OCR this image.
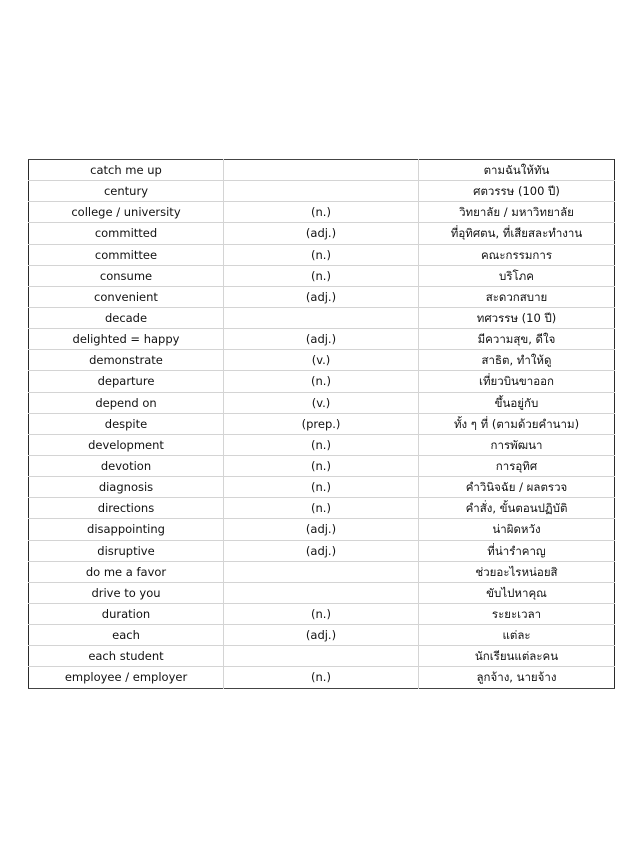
catch me up		ตามฉันให้ทัน
century		ศตวรรษ (100 ปี)
college / university	(n.)	วิทยาลัย / มหาวิทยาลัย
committed	(adj.)	ที่อุทิศตน, ที่เสียสละทำงาน
committee	(n.)	คณะกรรมการ
consume	(n.)	บริโภค
convenient	(adj.)	สะดวกสบาย
decade		ทศวรรษ (10 ปี)
delighted = happy	(adj.)	มีความสุข, ดีใจ
demonstrate	(v.)	สาธิต, ทำให้ดู
departure	(n.)	เที่ยวบินขาออก
depend on	(v.)	ขึ้นอยู่กับ
despite	(prep.)	ทั้ง ๆ ที่ (ตามด้วยคำนาม)
development	(n.)	การพัฒนา
devotion	(n.)	การอุทิศ
diagnosis	(n.)	คำวินิจฉัย / ผลตรวจ
directions	(n.)	คำสั่ง, ขั้นตอนปฏิบัติ
disappointing	(adj.)	น่าผิดหวัง
disruptive	(adj.)	ที่น่ารำคาญ
do me a favor		ช่วยอะไรหน่อยสิ
drive to you		ขับไปหาคุณ
duration	(n.)	ระยะเวลา
each	(adj.)	แต่ละ
each student		นักเรียนแต่ละคน
employee / employer	(n.)	ลูกจ้าง, นายจ้าง
